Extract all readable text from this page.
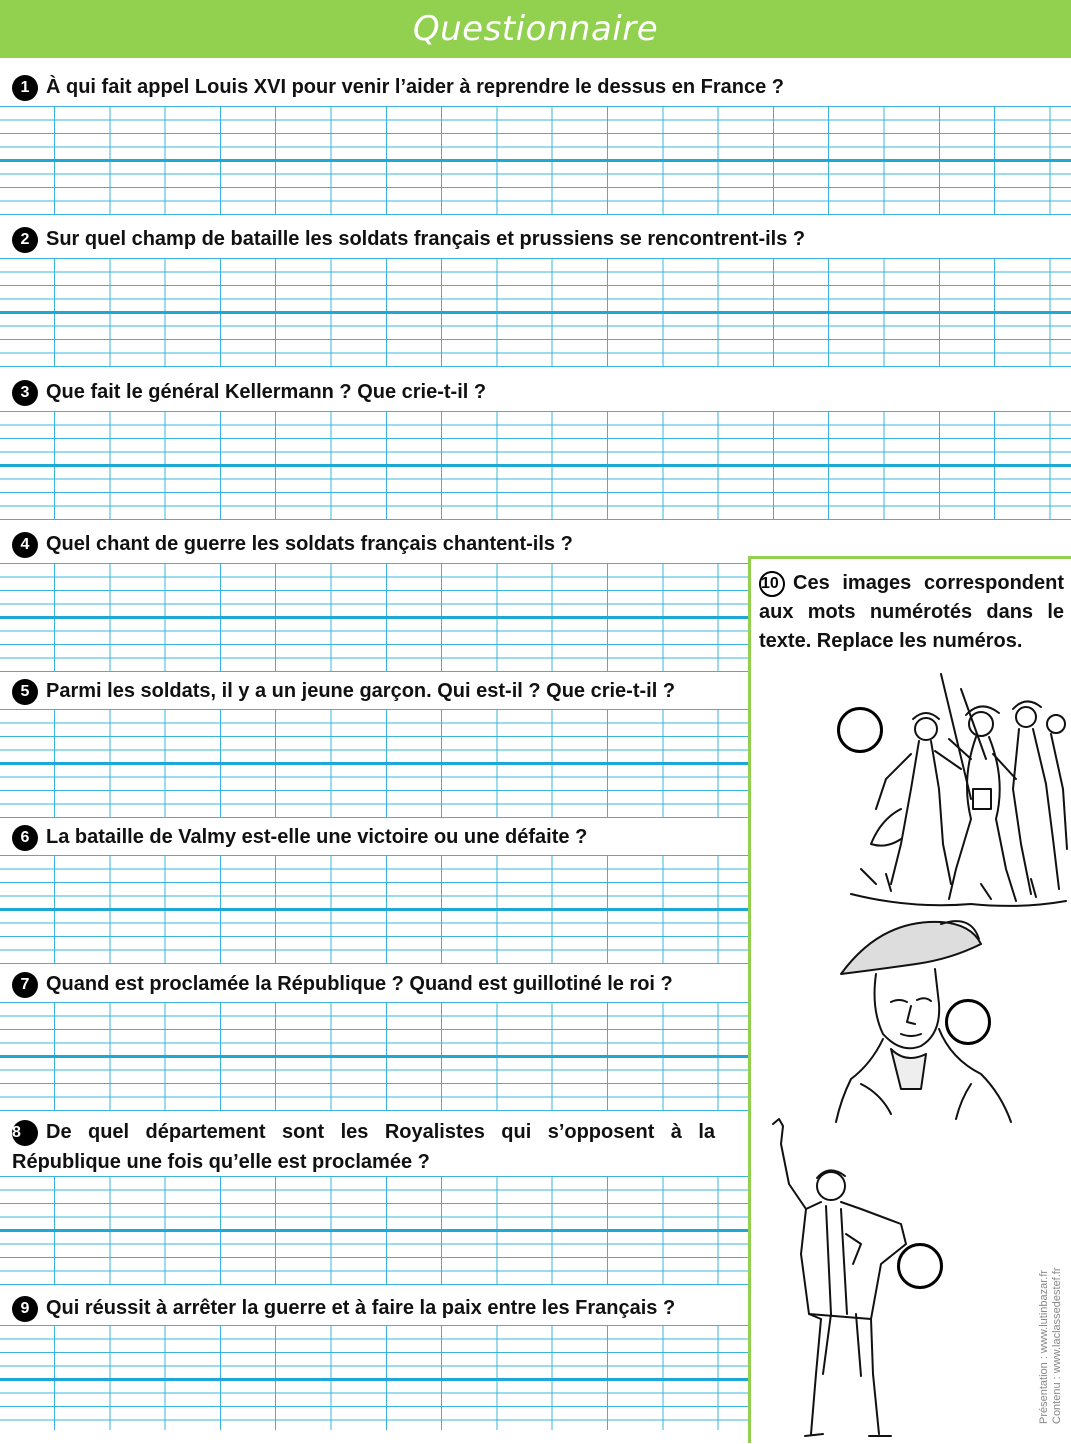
Questionnaire

1 À qui fait appel Louis XVI pour venir l’aider à reprendre le dessus en France ?

2 Sur quel champ de bataille les soldats français et prussiens se rencontrent-ils ?

3 Que fait le général Kellermann ? Que crie-t-il ?

4 Quel chant de guerre les soldats français chantent-ils ?

5 Parmi les soldats, il y a un jeune garçon. Qui est-il ? Que crie-t-il ?

6 La bataille de Valmy est-elle une victoire ou une défaite ?

7 Quand est proclamée la République ? Quand est guillotiné le roi ?

8 De quel département sont les Royalistes qui s’opposent à la République une fois qu’elle est proclamée ?

9 Qui réussit à arrêter la guerre et à faire la paix entre les Français ?

10 Ces images correspondent aux mots numérotés dans le texte. Replace les numéros.
Présentation : www.lutinbazar.fr Contenu : www.laclassedestef.fr
